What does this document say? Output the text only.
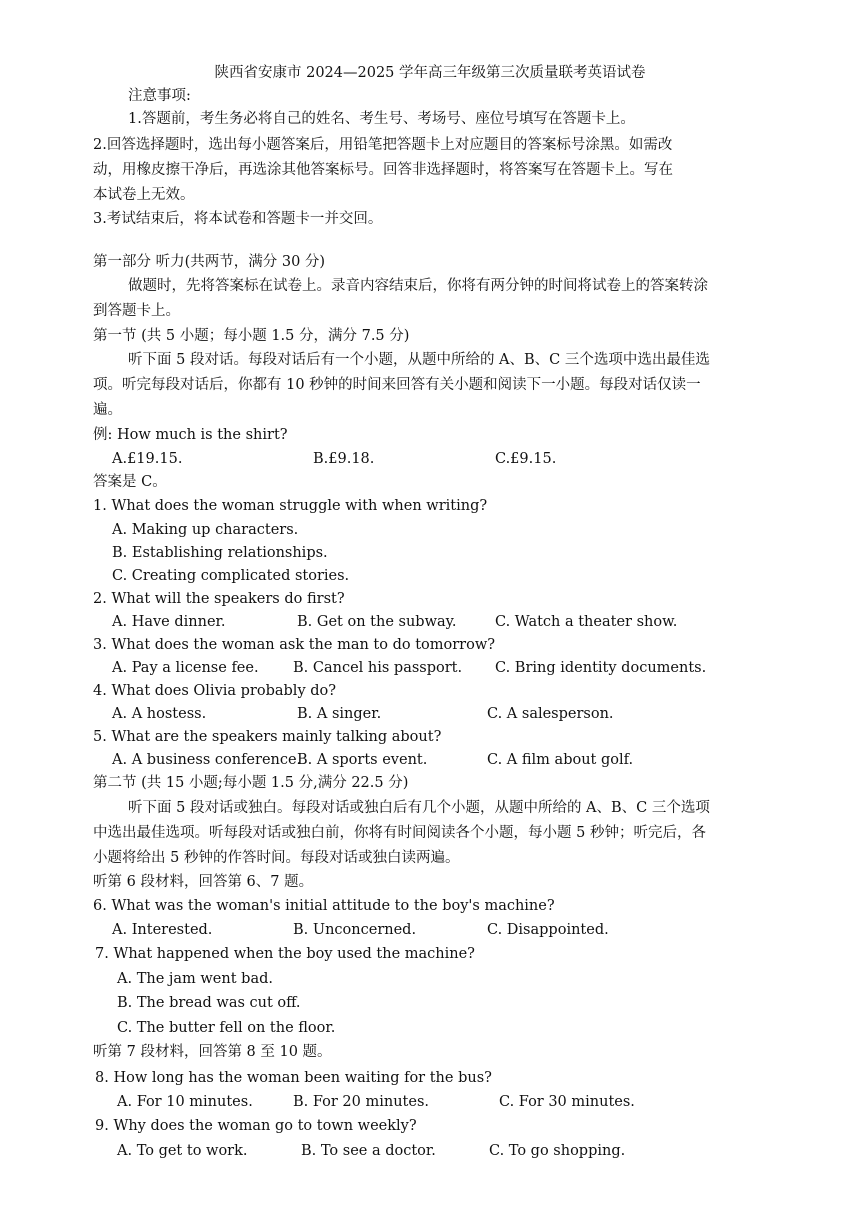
陕西省安康市 2024—2025 学年高三年级第三次质量联考英语试卷
注意事项:
1.答题前，考生务必将自己的姓名、考生号、考场号、座位号填写在答题卡上。
2.回答选择题时，选出每小题答案后，用铅笔把答题卡上对应题目的答案标号涂黑。如需改
动，用橡皮擦干净后，再选涂其他答案标号。回答非选择题时，将答案写在答题卡上。写在
本试卷上无效。
3.考试结束后，将本试卷和答题卡一并交回。
第一部分 听力(共两节，满分 30 分)
做题时，先将答案标在试卷上。录音内容结束后，你将有两分钟的时间将试卷上的答案转涂
到答题卡上。
第一节 (共 5 小题；每小题 1.5 分，满分 7.5 分)
听下面 5 段对话。每段对话后有一个小题，从题中所给的 A、B、C 三个选项中选出最佳选
项。听完每段对话后，你都有 10 秒钟的时间来回答有关小题和阅读下一小题。每段对话仅读一
遍。
例: How much is the shirt?
A.£19.15.	B.£9.18.	C.£9.15.
答案是 C。
1. What does the woman struggle with when writing?
A. Making up characters.
B. Establishing relationships.
C. Creating complicated stories.
2. What will the speakers do first?
A. Have dinner.	B. Get on the subway.	C. Watch a theater show.
3. What does the woman ask the man to do tomorrow?
A. Pay a license fee. B. Cancel his passport. C. Bring identity documents.
4. What does Olivia probably do?
A. A hostess.	B. A singer.	C. A salesperson.
5. What are the speakers mainly talking about?
A. A business conference.
B. A sports event.	C. A film about golf.
第二节 (共 15 小题;每小题 1.5 分,满分 22.5 分)
听下面 5 段对话或独白。每段对话或独白后有几个小题，从题中所给的 A、B、C 三个选项
中选出最佳选项。听每段对话或独白前，你将有时间阅读各个小题，每小题 5 秒钟；听完后，各
小题将给出 5 秒钟的作答时间。每段对话或独白读两遍。
听第 6 段材料，回答第 6、7 题。
6. What was the woman's initial attitude to the boy's machine?
A. Interested.	B. Unconcerned.	C. Disappointed.
7. What happened when the boy used the machine?
A. The jam went bad.
B. The bread was cut off.
C. The butter fell on the floor.
听第 7 段材料，回答第 8 至 10 题。
8. How long has the woman been waiting for the bus?
A. For 10 minutes.	B. For 20 minutes.	C. For 30 minutes.
9. Why does the woman go to town weekly?
A. To get to work.	B. To see a doctor.	C. To go shopping.
